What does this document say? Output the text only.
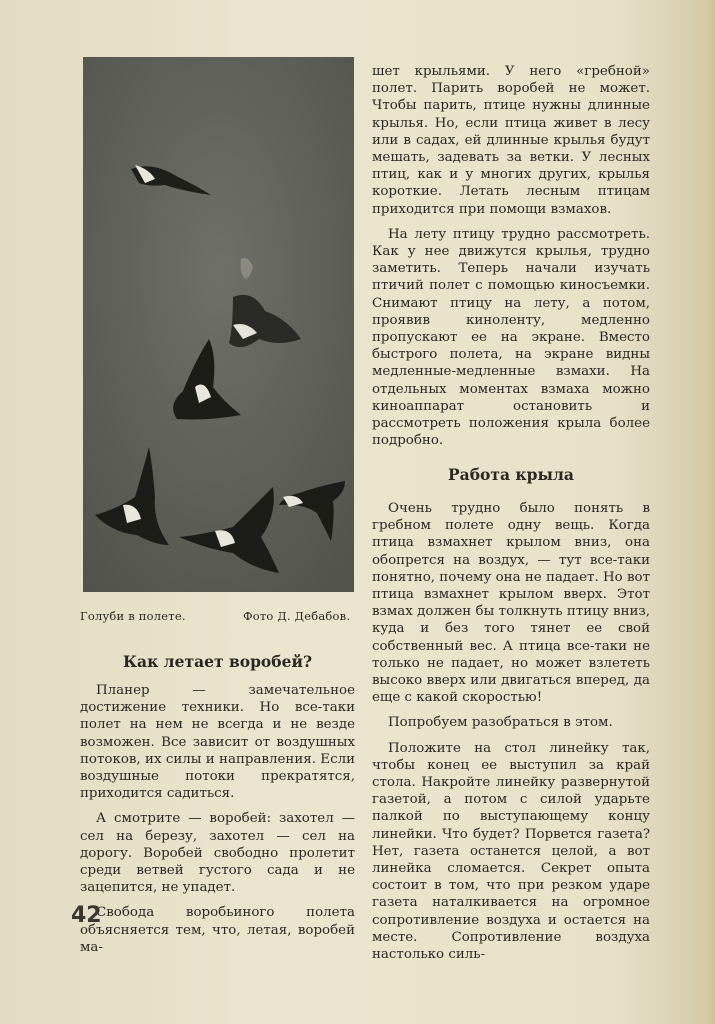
Голуби в полете.	Фото Д. Дебабов.
Как летает воробей?

Планер — замечательное достижение техники. Но все-таки полет на нем не всегда и не везде возможен. Все зависит от воздушных потоков, их силы и направления. Если воздушные потоки прекратятся, приходится садиться.

А смотрите — воробей: захотел — сел на березу, захотел — сел на дорогу. Воробей свободно пролетит среди ветвей густого сада и не зацепится, не упадет.

Свобода воробьиного полета объясняется тем, что, летая, воробей ма-

шет крыльями. У него «гребной» полет. Парить воробей не может. Чтобы парить, птице нужны длинные крылья. Но, если птица живет в лесу или в садах, ей длинные крылья будут мешать, задевать за ветки. У лесных птиц, как и у многих других, крылья короткие. Летать лесным птицам приходится при помощи взмахов.

На лету птицу трудно рассмотреть. Как у нее движутся крылья, трудно заметить. Теперь начали изучать птичий полет с помощью киносъемки. Снимают птицу на лету, а потом, проявив киноленту, медленно пропускают ее на экране. Вместо быстрого полета, на экране видны медленные-медленные взмахи. На отдельных моментах взмаха можно киноаппарат остановить и рассмотреть положения крыла более подробно.

Работа крыла

Очень трудно было понять в гребном полете одну вещь. Когда птица взмахнет крылом вниз, она обопрется на воздух, — тут все-таки понятно, почему она не падает. Но вот птица взмахнет крылом вверх. Этот взмах должен бы толкнуть птицу вниз, куда и без того тянет ее свой собственный вес. А птица все-таки не только не падает, но может взлететь высоко вверх или двигаться вперед, да еще с какой скоростью!

Попробуем разобраться в этом.

Положите на стол линейку так, чтобы конец ее выступил за край стола. Накройте линейку развернутой газетой, а потом с силой ударьте палкой по выступающему концу линейки. Что будет? Порвется газета? Нет, газета останется целой, а вот линейка сломается. Секрет опыта состоит в том, что при резком ударе газета наталкивается на огромное сопротивление воздуха и остается на месте. Сопротивление воздуха настолько силь-

42
